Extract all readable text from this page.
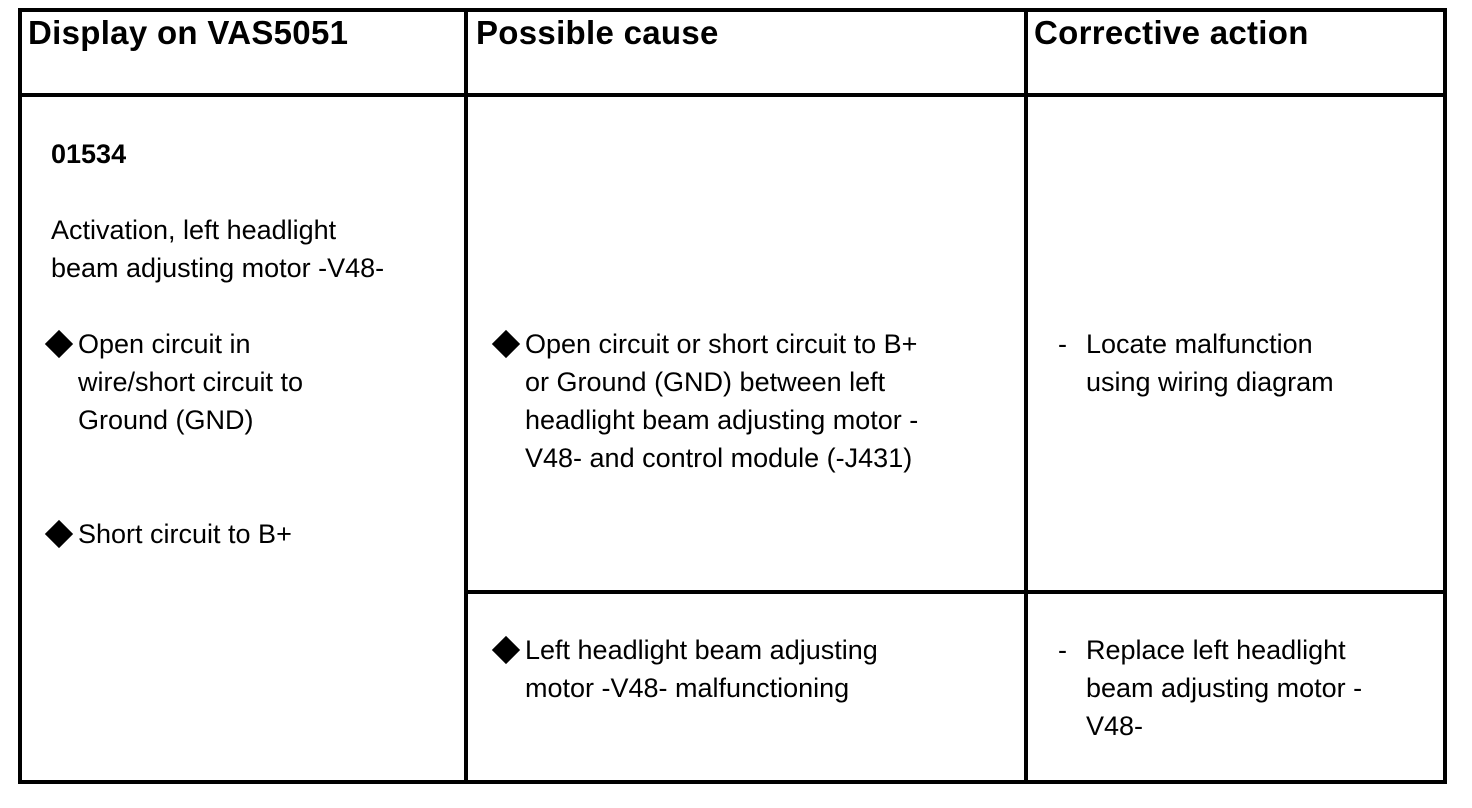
Display on VAS5051	Possible cause	Corrective action
01534
Activation, left headlight
beam adjusting motor -V48-
Open circuit in
wire/short circuit to
Ground (GND)
Short circuit to B+
Open circuit or short circuit to B+
or Ground (GND) between left
headlight beam adjusting motor -
V48- and control module (-J431)
- Locate malfunction
using wiring diagram
Left headlight beam adjusting
motor -V48- malfunctioning
- Replace left headlight
beam adjusting motor -
V48-
